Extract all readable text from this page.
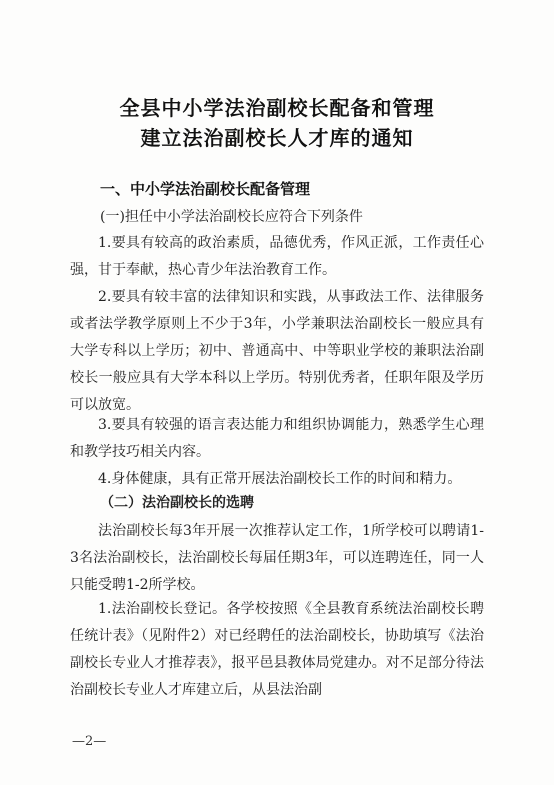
全县中小学法治副校长配备和管理
建立法治副校长人才库的通知
一、中小学法治副校长配备管理
(一)担任中小学法治副校长应符合下列条件
1.要具有较高的政治素质，品德优秀，作风正派，工作责任心强，甘于奉献，热心青少年法治教育工作。
2.要具有较丰富的法律知识和实践，从事政法工作、法律服务或者法学教学原则上不少于3年，小学兼职法治副校长一般应具有大学专科以上学历；初中、普通高中、中等职业学校的兼职法治副校长一般应具有大学本科以上学历。特别优秀者，任职年限及学历可以放宽。
3.要具有较强的语言表达能力和组织协调能力，熟悉学生心理和教学技巧相关内容。
4.身体健康，具有正常开展法治副校长工作的时间和精力。
（二）法治副校长的选聘
法治副校长每3年开展一次推荐认定工作，1所学校可以聘请1-3名法治副校长，法治副校长每届任期3年，可以连聘连任，同一人只能受聘1-2所学校。
1.法治副校长登记。各学校按照《全县教育系统法治副校长聘任统计表》（见附件2）对已经聘任的法治副校长，协助填写《法治副校长专业人才推荐表》，报平邑县教体局党建办。对不足部分待法治副校长专业人才库建立后，从县法治副
—2—
